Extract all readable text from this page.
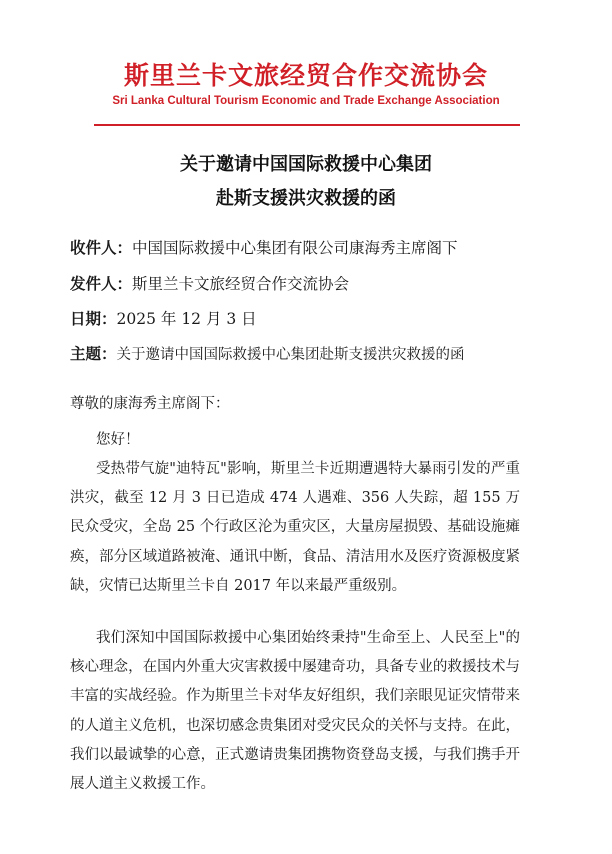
斯里兰卡文旅经贸合作交流协会
Sri Lanka Cultural Tourism Economic and Trade Exchange Association
关于邀请中国国际救援中心集团
赴斯支援洪灾救援的函
收件人：中国国际救援中心集团有限公司康海秀主席阁下
发件人：斯里兰卡文旅经贸合作交流协会
日期：2025 年 12 月 3 日
主题：关于邀请中国国际救援中心集团赴斯支援洪灾救援的函
尊敬的康海秀主席阁下：
您好！

受热带气旋"迪特瓦"影响，斯里兰卡近期遭遇特大暴雨引发的严重洪灾，截至 12 月 3 日已造成 474 人遇难、356 人失踪，超 155 万民众受灾，全岛 25 个行政区沦为重灾区，大量房屋损毁、基础设施瘫痪，部分区域道路被淹、通讯中断，食品、清洁用水及医疗资源极度紧缺，灾情已达斯里兰卡自 2017 年以来最严重级别。

我们深知中国国际救援中心集团始终秉持"生命至上、人民至上"的核心理念，在国内外重大灾害救援中屡建奇功，具备专业的救援技术与丰富的实战经验。作为斯里兰卡对华友好组织，我们亲眼见证灾情带来的人道主义危机，也深切感念贵集团对受灾民众的关怀与支持。在此，我们以最诚挚的心意，正式邀请贵集团携物资登岛支援，与我们携手开展人道主义救援工作。
